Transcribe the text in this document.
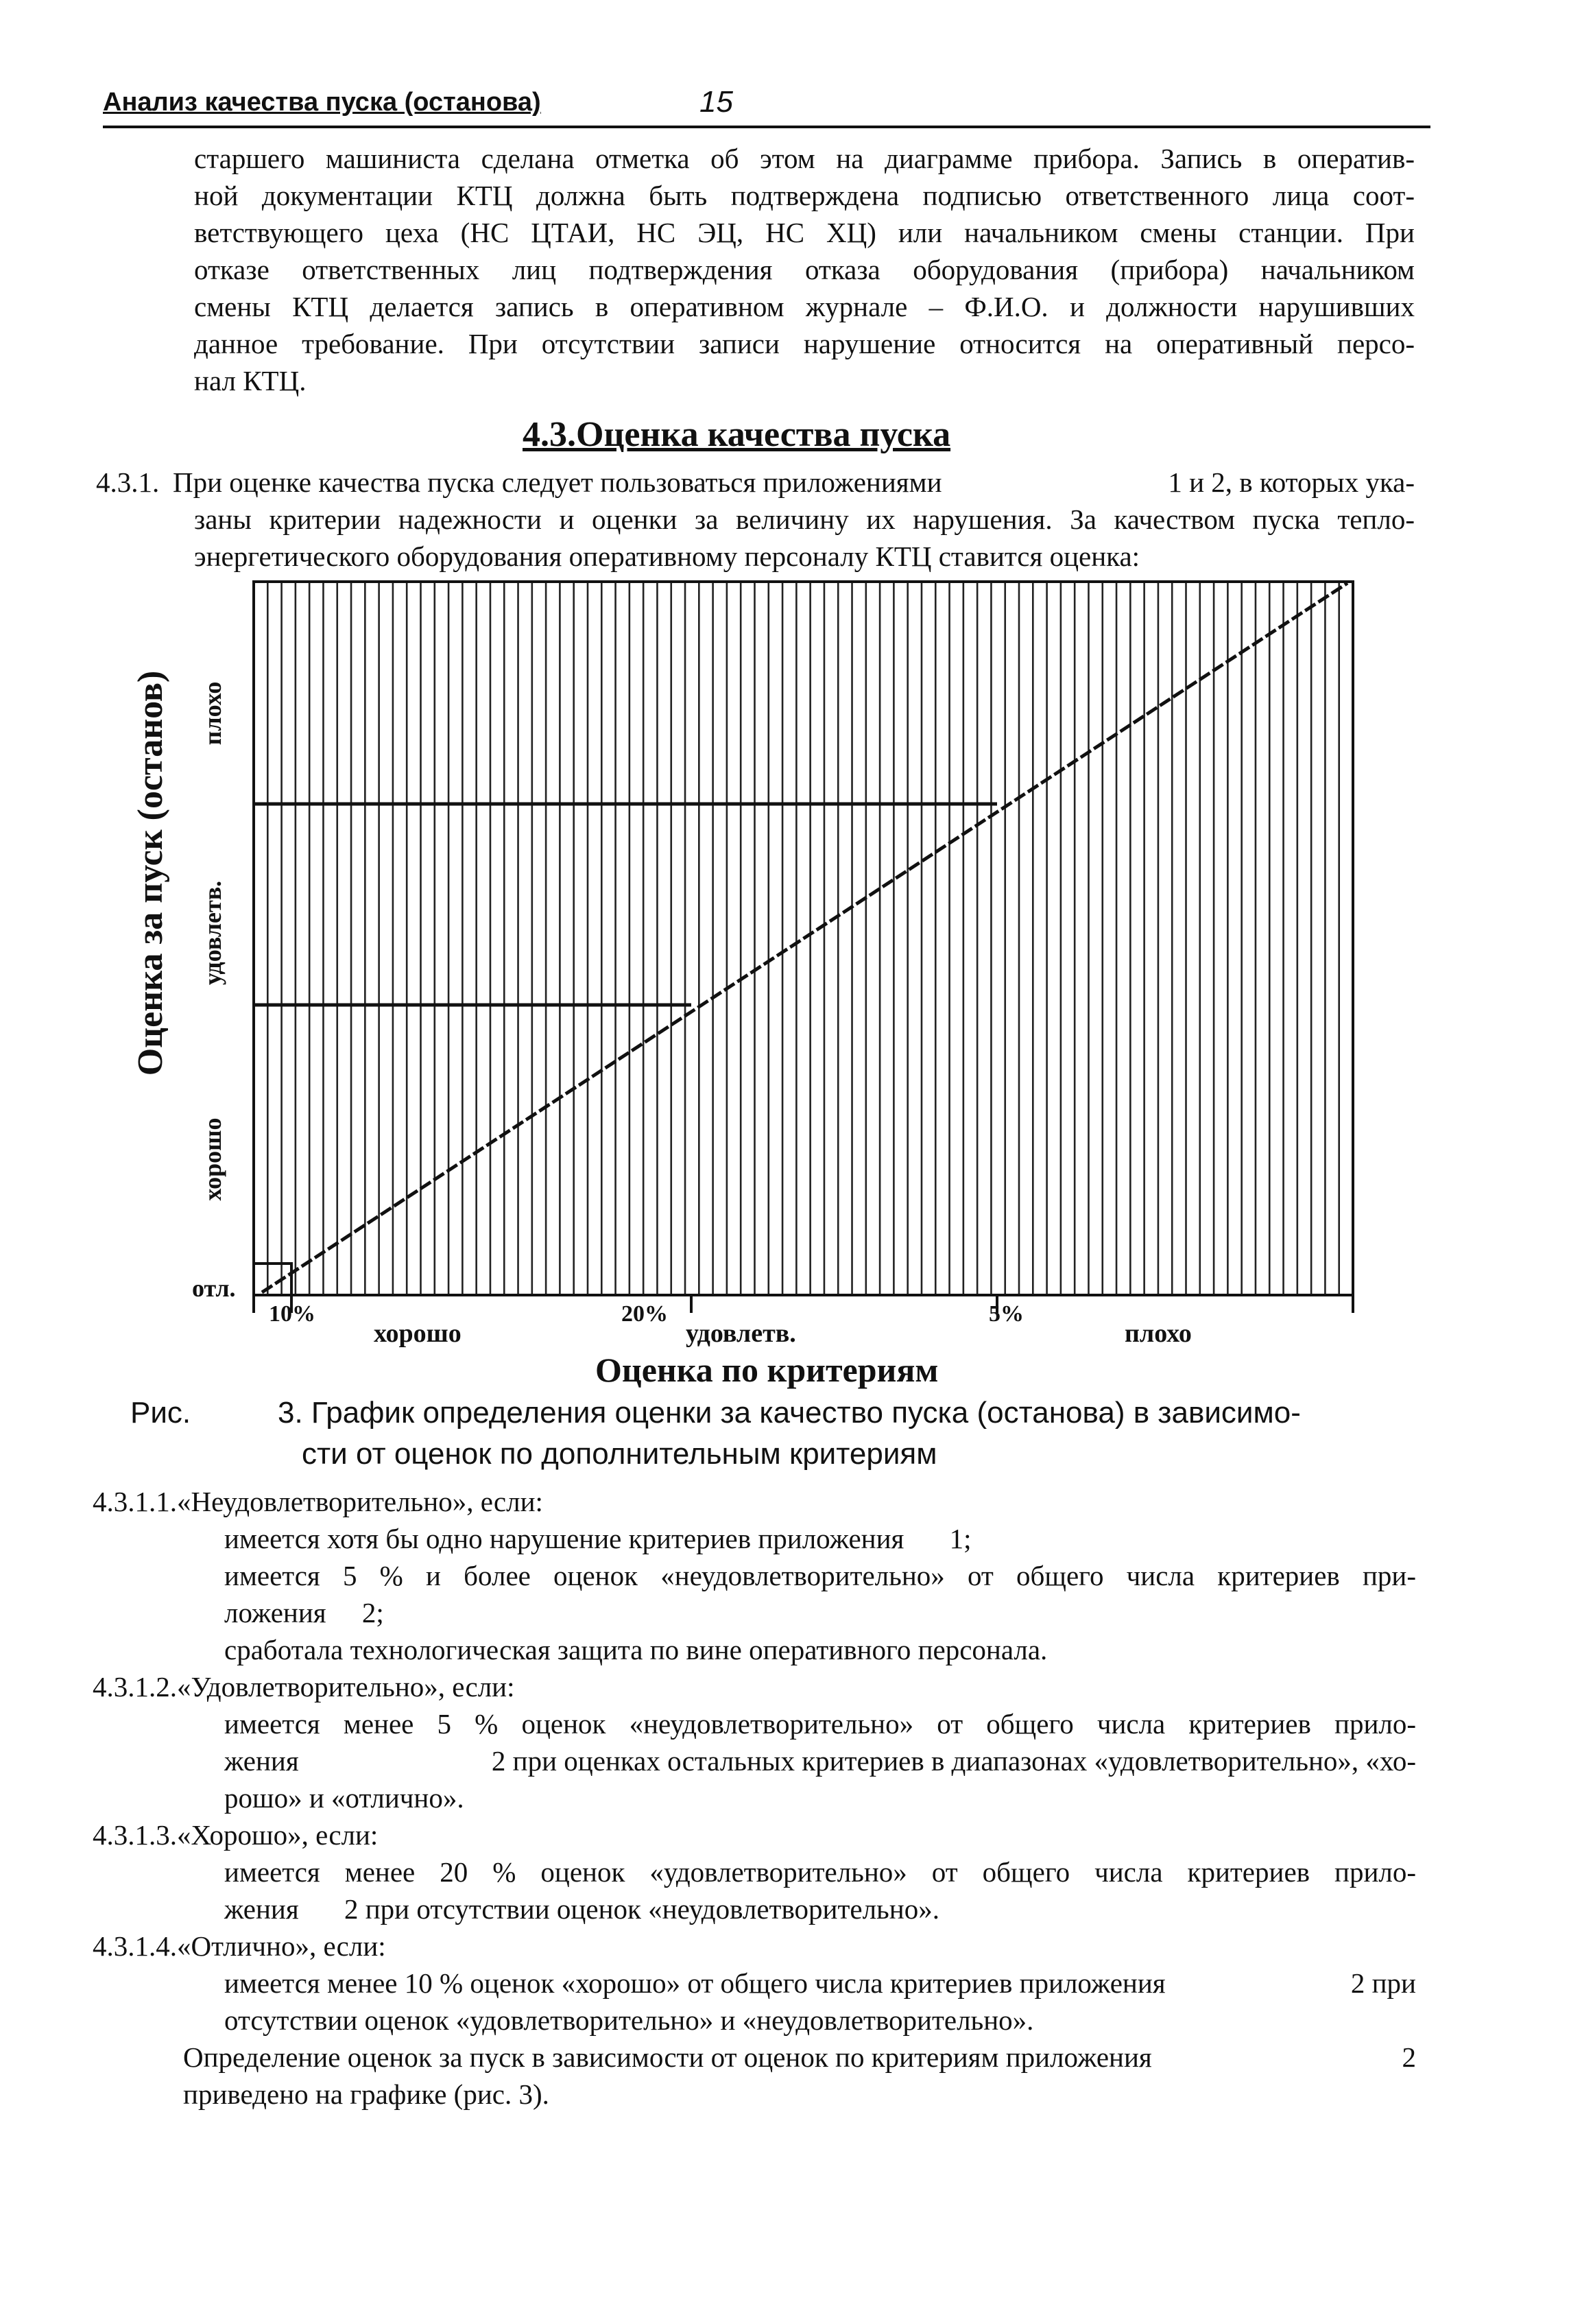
Анализ качества пуска (останова)	15
старшего машиниста сделана отметка об этом на диаграмме прибора. Запись в оператив-
ной документации КТЦ должна быть подтверждена подписью ответственного лица соот-
ветствующего цеха (НС ЦТАИ, НС ЭЦ, НС ХЦ) или начальником смены станции. При
отказе ответственных лиц подтверждения отказа оборудования (прибора) начальником
смены КТЦ делается запись в оперативном журнале – Ф.И.О. и должности нарушивших
данное требование. При отсутствии записи нарушение относится на оперативный персо-
нал КТЦ.
4.3.Оценка качества пуска
4.3.1. При оценке качества пуска следует пользоваться приложениями	1 и 2, в которых ука-
заны критерии надежности и оценки за величину их нарушения. За качеством пуска тепло-
энергетического оборудования оперативному персоналу КТЦ ставится оценка:
Оценка за пуск (останов)
хорошо
удовлетв.
плохо
отл.
10%	20%	5%
хорошо	удовлетв.	плохо
Оценка по критериям
Рис.	3. График определения оценки за качество пуска (останова) в зависимо-
сти от оценок по дополнительным критериям
4.3.1.1.«Неудовлетворительно», если:
имеется хотя бы одно нарушение критериев приложения 1;
имеется 5 % и более оценок «неудовлетворительно» от общего числа критериев при-
ложения 2;
сработала технологическая защита по вине оперативного персонала.
4.3.1.2.«Удовлетворительно», если:
имеется менее 5 % оценок «неудовлетворительно» от общего числа критериев прило-
жения	2 при оценках остальных критериев в диапазонах «удовлетворительно», «хо-
рошо» и «отлично».
4.3.1.3.«Хорошо», если:
имеется менее 20 % оценок «удовлетворительно» от общего числа критериев прило-
жения 2 при отсутствии оценок «неудовлетворительно».
4.3.1.4.«Отлично», если:
имеется менее 10 % оценок «хорошо» от общего числа критериев приложения	2 при
отсутствии оценок «удовлетворительно» и «неудовлетворительно».
Определение оценок за пуск в зависимости от оценок по критериям приложения	2
приведено на графике (рис. 3).
